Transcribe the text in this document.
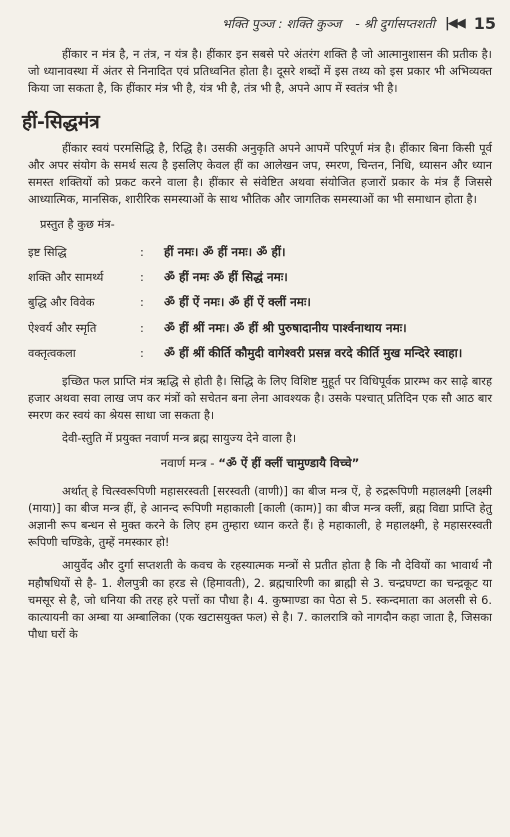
भक्ति पुञ्ज : शक्ति कुञ्ज - श्री दुर्गासप्तशती |◀◀ 15

हींकार न मंत्र है, न तंत्र, न यंत्र है। हींकार इन सबसे परे अंतरंग शक्ति है जो आत्मानुशासन की प्रतीक है। जो ध्यानावस्था में अंतर से निनादित एवं प्रतिध्वनित होता है। दूसरे शब्दों में इस तथ्य को इस प्रकार भी अभिव्यक्त किया जा सकता है, कि हींकार मंत्र भी है, यंत्र भी है, तंत्र भी है, अपने आप में स्वतंत्र भी है।

हीं-सिद्धमंत्र

हींकार स्वयं परमसिद्धि है, रिद्धि है। उसकी अनुकृति अपने आपमें परिपूर्ण मंत्र है। हींकार बिना किसी पूर्व और अपर संयोग के समर्थ सत्य है इसलिए केवल हीं का आलेखन जप, स्मरण, चिन्तन, निधि, ध्यासन और ध्यान समस्त शक्तियों को प्रकट करने वाला है। हींकार से संवेष्टित अथवा संयोजित हजारों प्रकार के मंत्र हैं जिससे आध्यात्मिक, मानसिक, शारीरिक समस्याओं के साथ भौतिक और जागतिक समस्याओं का भी समाधान होता है।

प्रस्तुत है कुछ मंत्र-

इष्ट सिद्धि	:	हीं नमः। ॐ हीं नमः। ॐ हीं।
शक्ति और सामर्थ्य	:	ॐ हीं नमः ॐ हीं सिद्धं नमः।
बुद्धि और विवेक	:	ॐ हीं ऐं नमः। ॐ हीं ऐं क्लीं नमः।
ऐश्वर्य और स्मृति	:	ॐ हीं श्रीं नमः। ॐ हीं श्री पुरुषादानीय पार्श्वनाथाय नमः।
वक्तृत्वकला	:	ॐ हीं श्रीं कीर्ति कौमुदी वागेश्वरी प्रसन्न वरदे कीर्ति मुख मन्दिरे स्वाहा।

इच्छित फल प्राप्ति मंत्र ऋद्धि से होती है। सिद्धि के लिए विशिष्ट मुहूर्त पर विधिपूर्वक प्रारम्भ कर साढ़े बारह हजार अथवा सवा लाख जप कर मंत्रों को सचेतन बना लेना आवश्यक है। उसके पश्चात् प्रतिदिन एक सौ आठ बार स्मरण कर स्वयं का श्रेयस साधा जा सकता है।

देवी-स्तुति में प्रयुक्त नवार्ण मन्त्र ब्रह्म सायुज्य देने वाला है।

नवार्ण मन्त्र - “ॐ ऐं हीं क्लीं चामुण्डायै विच्चे”

अर्थात् हे चित्स्वरूपिणी महासरस्वती [सरस्वती (वाणी)] का बीज मन्त्र ऐं, हे रुद्ररूपिणी महालक्ष्मी [लक्ष्मी (माया)] का बीज मन्त्र हीं, हे आनन्द रूपिणी महाकाली [काली (काम)] का बीज मन्त्र क्लीं, ब्रह्म विद्या प्राप्ति हेतु अज्ञानी रूप बन्धन से मुक्त करने के लिए हम तुम्हारा ध्यान करते हैं। हे महाकाली, हे महालक्ष्मी, हे महासरस्वती रूपिणी चण्डिके, तुम्हें नमस्कार हो!

आयुर्वेद और दुर्गा सप्तशती के कवच के रहस्यात्मक मन्त्रों से प्रतीत होता है कि नौ देवियों का भावार्थ नौ महौषधियों से है- 1. शैलपुत्री का हरड से (हिमावती), 2. ब्रह्मचारिणी का ब्राह्मी से 3. चन्द्रघण्टा का चन्द्रकूट या चमसूर से है, जो धनिया की तरह हरे पत्तों का पौधा है। 4. कुष्माण्डा का पेठा से 5. स्कन्दमाता का अलसी से 6. कात्यायनी का अम्बा या अम्बालिका (एक खटासयुक्त फल) से है। 7. कालरात्रि को नागदौन कहा जाता है, जिसका पौधा घरों के
